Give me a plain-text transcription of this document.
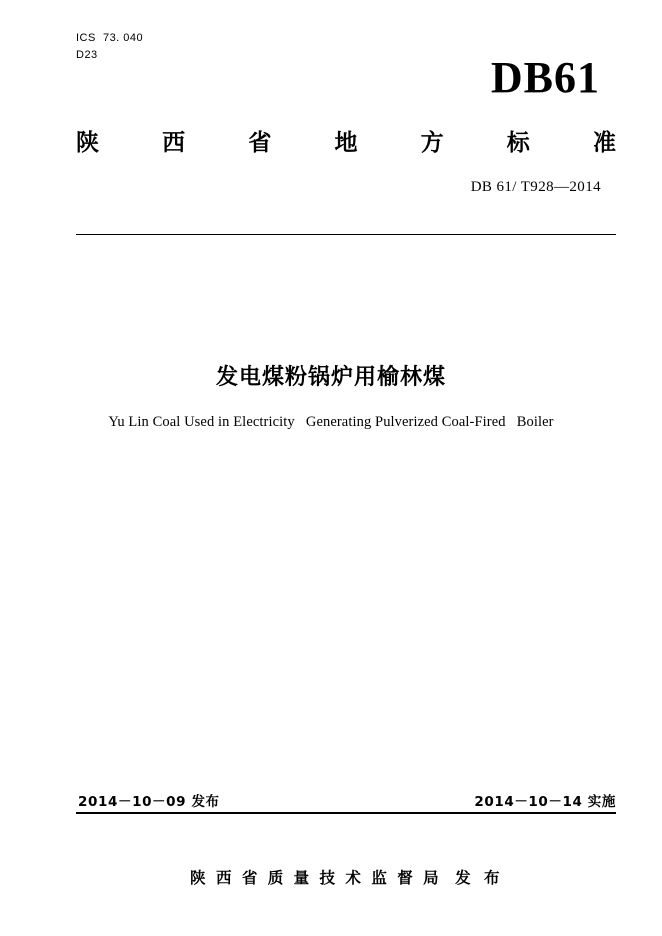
ICS  73. 040
D23	DB61
陕	西	省	地	方	标	准
DB 61/ T928—2014
发电煤粉锅炉用榆林煤
Yu Lin Coal Used in Electricity   Generating Pulverized Coal-Fired   Boiler
2014－10－09 发布	2014－10－14 实施

陕 西 省 质 量 技 术 监 督 局 发 布
